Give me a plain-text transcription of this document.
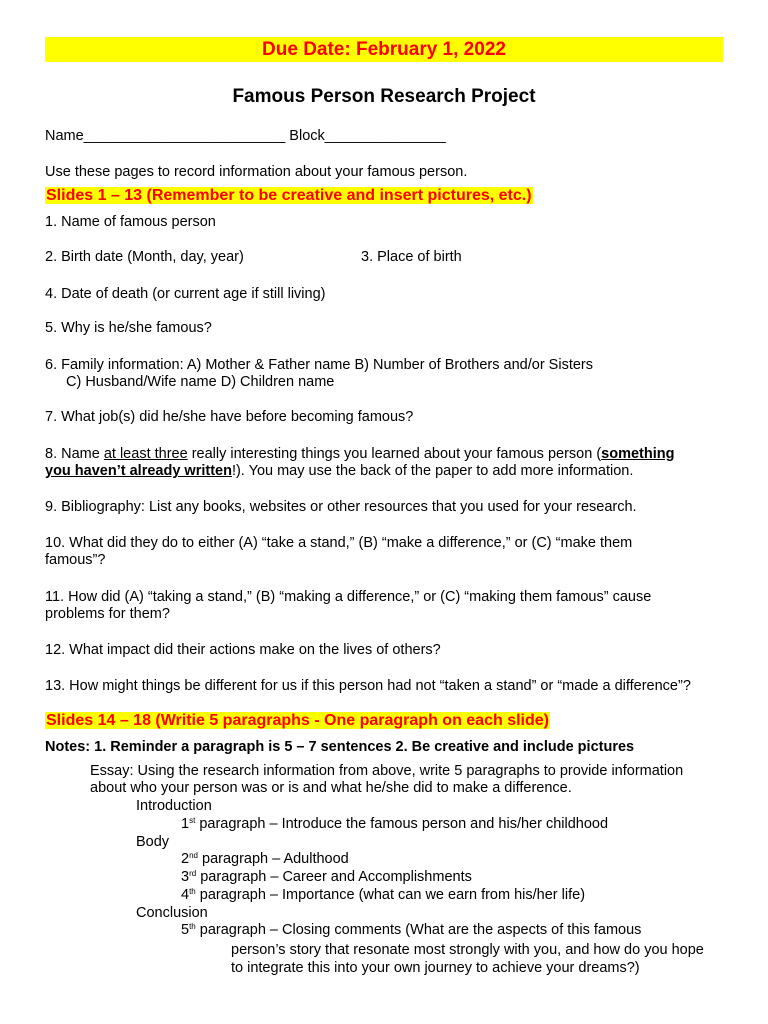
Due Date: February 1, 2022
Famous Person Research Project
Name_________________________ Block_______________
Use these pages to record information about your famous person.
Slides 1 – 13 (Remember to be creative and insert pictures, etc.)
1. Name of famous person
2. Birth date (Month, day, year)	3. Place of birth
4. Date of death (or current age if still living)
5. Why is he/she famous?
6. Family information: A) Mother & Father name B) Number of Brothers and/or Sisters
C) Husband/Wife name D) Children name
7. What job(s) did he/she have before becoming famous?
8. Name at least three really interesting things you learned about your famous person (something
you haven’t already written!). You may use the back of the paper to add more information.
9. Bibliography: List any books, websites or other resources that you used for your research.
10. What did they do to either (A) “take a stand,” (B) “make a difference,” or (C) “make them
famous”?
11. How did (A) “taking a stand,” (B) “making a difference,” or (C) “making them famous” cause
problems for them?
12. What impact did their actions make on the lives of others?
13. How might things be different for us if this person had not “taken a stand” or “made a difference”?
Slides 14 – 18 (Writie 5 paragraphs - One paragraph on each slide)
Notes: 1. Reminder a paragraph is 5 – 7 sentences 2. Be creative and include pictures
Essay: Using the research information from above, write 5 paragraphs to provide information
about who your person was or is and what he/she did to make a difference.
Introduction
1st paragraph – Introduce the famous person and his/her childhood
Body
2nd paragraph – Adulthood
3rd paragraph – Career and Accomplishments
4th paragraph – Importance (what can we earn from his/her life)
Conclusion
5th paragraph – Closing comments (What are the aspects of this famous
person’s story that resonate most strongly with you, and how do you hope
to integrate this into your own journey to achieve your dreams?)
